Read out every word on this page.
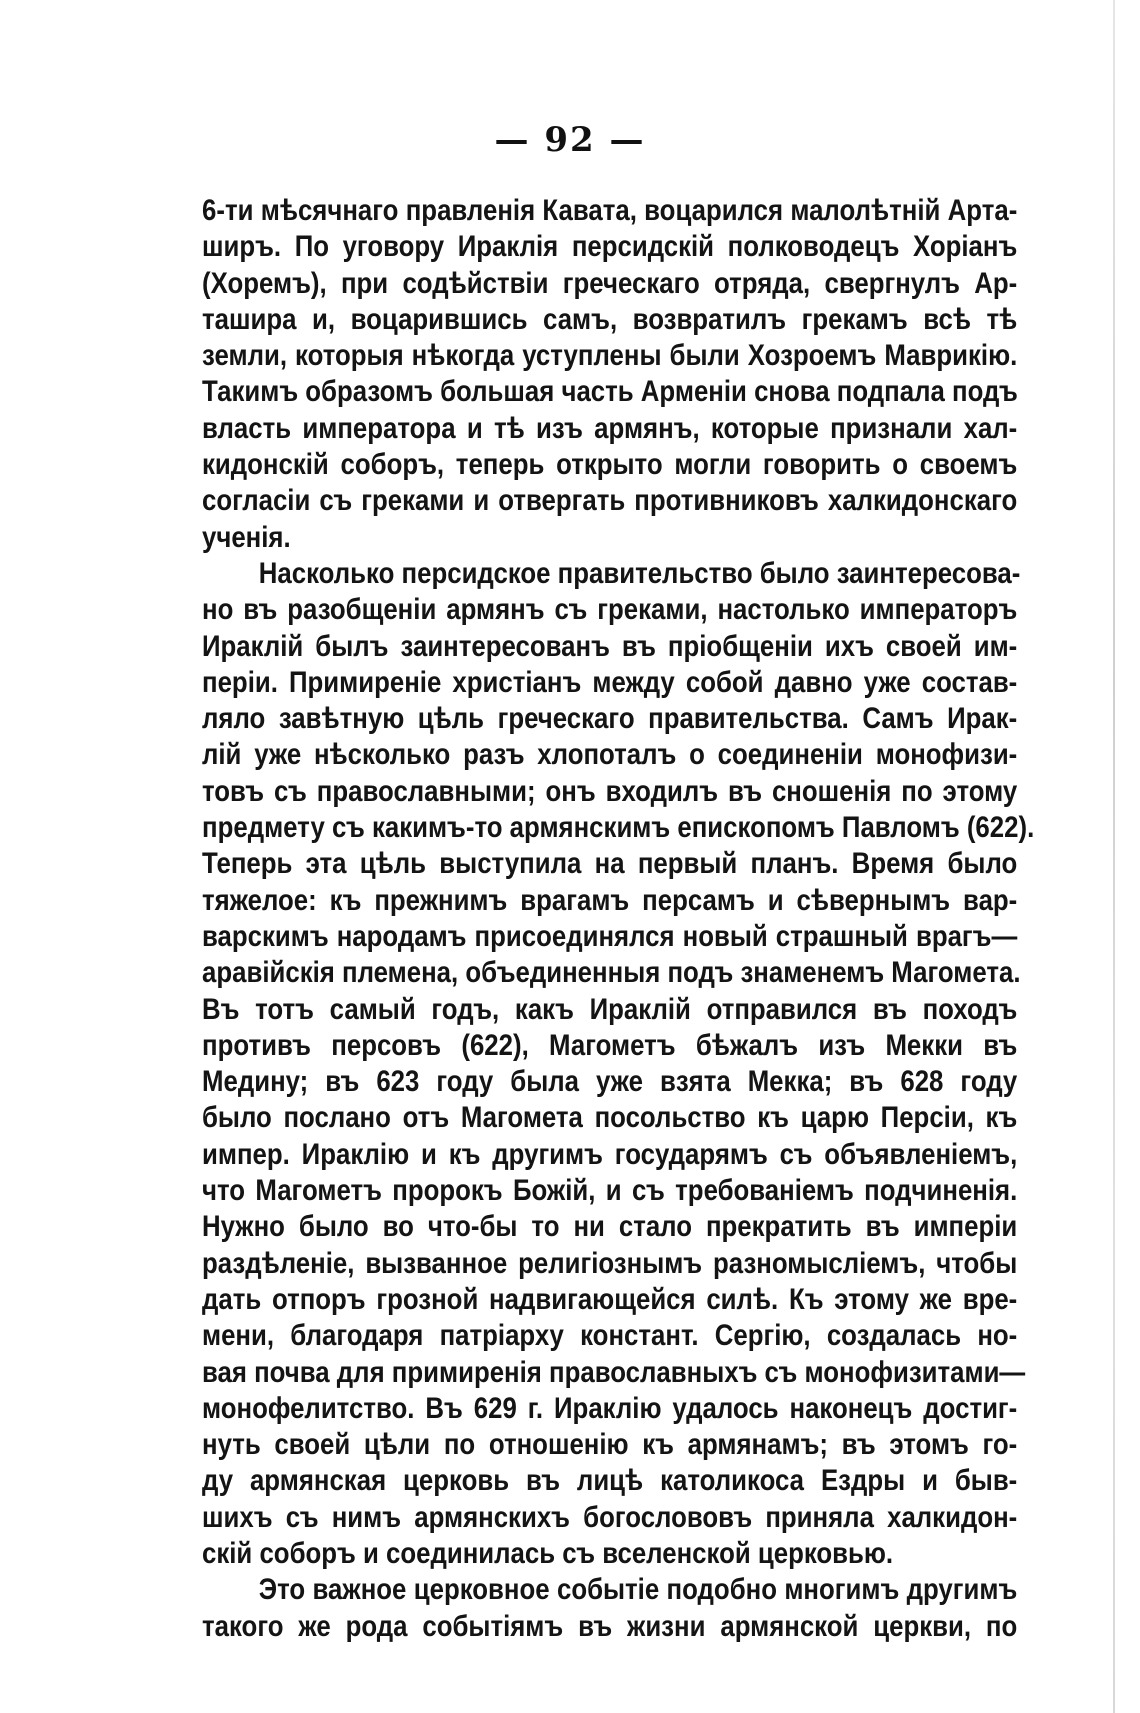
— 92 —
6-ти мѣсячнаго правленія Кавата, воцарился малолѣтній Арта-
ширъ. По уговору Ираклія персидскій полководецъ Хоріанъ
(Хоремъ), при содѣйствіи греческаго отряда, свергнулъ Ар-
ташира и, воцарившись самъ, возвратилъ грекамъ всѣ тѣ
земли, которыя нѣкогда уступлены были Хозроемъ Маврикію.
Такимъ образомъ большая часть Арменіи снова подпала подъ
власть императора и тѣ изъ армянъ, которые признали хал-
кидонскій соборъ, теперь открыто могли говорить о своемъ
согласіи съ греками и отвергать противниковъ халкидонскаго
ученія.
Насколько персидское правительство было заинтересова-
но въ разобщеніи армянъ съ греками, настолько императоръ
Ираклій былъ заинтересованъ въ пріобщеніи ихъ своей им-
періи. Примиреніе христіанъ между собой давно уже состав-
ляло завѣтную цѣль греческаго правительства. Самъ Ирак-
лій уже нѣсколько разъ хлопоталъ о соединеніи монофизи-
товъ съ православными; онъ входилъ въ сношенія по этому
предмету съ какимъ-то армянскимъ епископомъ Павломъ (622).
Теперь эта цѣль выступила на первый планъ. Время было
тяжелое: къ прежнимъ врагамъ персамъ и сѣвернымъ вар-
варскимъ народамъ присоединялся новый страшный врагъ—
аравійскія племена, объединенныя подъ знаменемъ Магомета.
Въ тотъ самый годъ, какъ Ираклій отправился въ походъ
противъ персовъ (622), Магометъ бѣжалъ изъ Мекки въ
Медину; въ 623 году была уже взята Мекка; въ 628 году
было послано отъ Магомета посольство къ царю Персіи, къ
импер. Ираклію и къ другимъ государямъ съ объявленіемъ,
что Магометъ пророкъ Божій, и съ требованіемъ подчиненія.
Нужно было во что-бы то ни стало прекратить въ имперіи
раздѣленіе, вызванное религіознымъ разномысліемъ, чтобы
дать отпоръ грозной надвигающейся силѣ. Къ этому же вре-
мени, благодаря патріарху констант. Сергію, создалась но-
вая почва для примиренія православныхъ съ монофизитами—
монофелитство. Въ 629 г. Ираклію удалось наконецъ достиг-
нуть своей цѣли по отношенію къ армянамъ; въ этомъ го-
ду армянская церковь въ лицѣ католикоса Ездры и быв-
шихъ съ нимъ армянскихъ богослововъ приняла халкидон-
скій соборъ и соединилась съ вселенской церковью.
Это важное церковное событіе подобно многимъ другимъ
такого же рода событіямъ въ жизни армянской церкви, по
